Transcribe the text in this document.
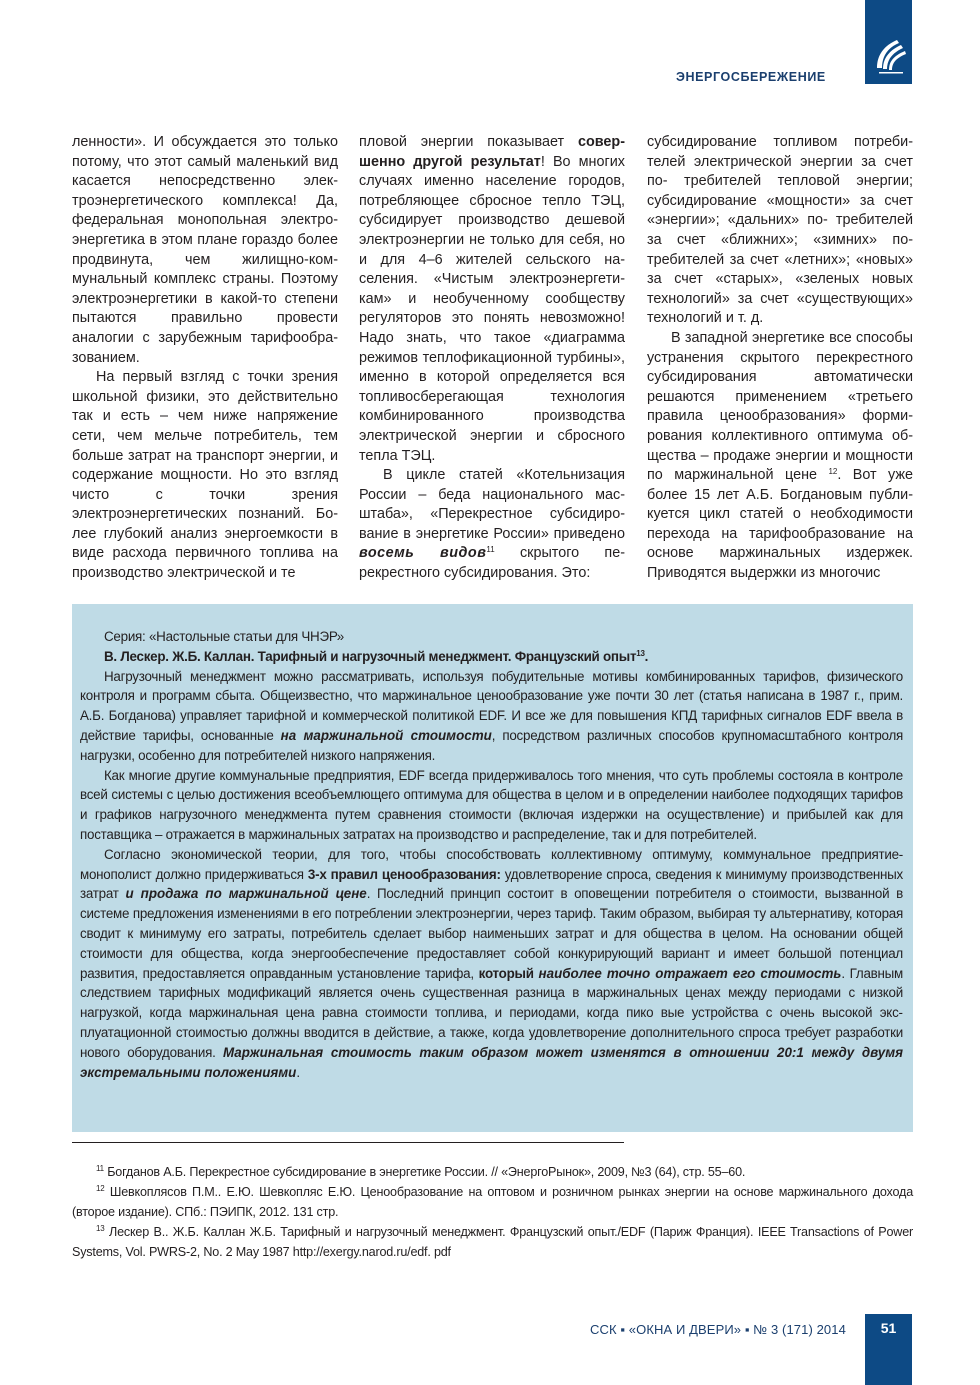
ЭНЕРГОСБЕРЕЖЕНИЕ

ленности». И обсуждается это только потому, что этот самый маленький вид касается непосредственно электроэнергетического комплекса! Да, федеральная монопольная электроэнергетика в этом плане гораздо более продвинута, чем жилищно-коммунальный комплекс страны. Поэтому электроэнергетики в какой-то степени пытаются правильно провести аналогии с зарубежным тарифообразованием.

На первый взгляд с точки зрения школьной физики, это действительно так и есть – чем ниже напряжение сети, чем мельче потребитель, тем больше затрат на транспорт энергии, и содержание мощности. Но это взгляд чисто с точки зрения электроэнергетических познаний. Более глубокий анализ энергоемкости в виде расхода первичного топлива на производство электрической и те

пловой энергии показывает совершенно другой результат! Во многих случаях именно население городов, потребляющее сбросное тепло ТЭЦ, субсидирует производство дешевой электроэнергии не только для себя, но и для 4–6 жителей сельского населения. «Чистым электроэнергетикам» и необученному сообществу регуляторов это понять невозможно! Надо знать, что такое «диаграмма режимов теплофикационной турбины», именно в которой определяется вся топливосберегающая технология комбинированного производства электрической энергии и сбросного тепла ТЭЦ.

В цикле статей «Котельнизация России – беда национального масштаба», «Перекрестное субсидирование в энергетике России» приведено восемь видов$^{11}$ скрытого перекрестного субсидирования. Это:

субсидирование топливом потребителей электрической энергии за счет по- требителей тепловой энергии; субсидирование «мощности» за счет «энергии»; «дальних» по- требителей за счет «ближних»; «зимних» потребителей за счет «летних»; «новых» за счет «старых», «зеленых новых технологий» за счет «существующих» технологий и т. д.

В западной энергетике все способы устранения скрытого перекрестного субсидирования автоматически решаются применением «третьего правила ценообразования» формирования коллективного оптимума общества – продаже энергии и мощности по маржинальной цене $^{12}$. Вот уже более 15 лет А.Б. Богдановым публикуется цикл статей о необходимости перехода на тарифообразование на основе маржинальных издержек. Приводятся выдержки из многочис

Серия: «Настольные статьи для ЧНЭР»

В. Лескер. Ж.Б. Каллан. Тарифный и нагрузочный менеджмент. Французский опыт$^{13}$.

Нагрузочный менеджмент можно рассматривать, используя побудительные мотивы комбинированных тарифов, физического контроля и программ сбыта. Общеизвестно, что маржинальное ценообразование уже почти 30 лет (статья написана в 1987 г., прим. А.Б. Богданова) управляет тарифной и коммерческой политикой EDF. И все же для повышения КПД тарифных сигналов EDF ввела в действие тарифы, основанные на маржинальной стоимости, посредством различных способов крупномасштабного контроля нагрузки, особенно для потребителей низкого напряжения.

Как многие другие коммунальные предприятия, EDF всегда придерживалось того мнения, что суть проблемы состояла в контроле всей системы с целью достижения всеобъемлющего оптимума для общества в целом и в определении наиболее подходящих тарифов и графиков нагрузочного менеджмента путем сравнения стоимости (включая издержки на осуществление) и прибылей как для поставщика – отражается в маржинальных затратах на производство и распределение, так и для потребителей.

Согласно экономической теории, для того, чтобы способствовать коллективному оптимуму, коммунальное предприятие-монополист должно придерживаться 3-х правил ценообразования: удовлетворение спроса, сведения к минимуму производственных затрат и продажа по маржинальной цене. Последний принцип состоит в оповещении потребителя о стоимости, вызванной в системе предложения изменениями в его потреблении электроэнергии, через тариф. Таким образом, выбирая ту альтернативу, которая сводит к минимуму его затраты, потребитель сделает выбор наименьших затрат и для общества в целом. На основании общей стоимости для общества, когда энергообеспечение предоставляет собой конкурирующий вариант и имеет большой потенциал развития, предоставляется оправданным установление тарифа, который наиболее точно отражает его стоимость. Главным следствием тарифных модификаций является очень существенная разница в маржинальных ценах между периодами с низкой нагрузкой, когда маржинальная цена равна стоимости топлива, и периодами, когда пико вые устройства с очень высокой эксплуатационной стоимостью должны вводится в действие, а также, когда удовлетворение дополнительного спроса требует разработки нового оборудования. Маржинальная стоимость таким образом может изменятся в отношении 20:1 между двумя экстремальными положениями.

$^{11}$ Богданов А.Б. Перекрестное субсидирование в энергетике России. // «ЭнергоРынок», 2009, №3 (64), стр. 55–60.

$^{12}$ Шевкоплясов П.М.. Е.Ю. Шевкопляс Е.Ю. Ценообразование на оптовом и розничном рынках энергии на основе маржинального дохода (второе издание). СПб.: ПЭИПК, 2012. 131 стр.

$^{13}$ Лескер В.. Ж.Б. Каллан Ж.Б. Тарифный и нагрузочный менеджмент. Французский опыт./EDF (Париж Франция). IEEE Transactions of Power Systems, Vol. PWRS-2, No. 2 May 1987 http://exergy.narod.ru/edf. pdf

ССК ▪ «ОКНА И ДВЕРИ» ▪ № 3 (171) 2014	51
